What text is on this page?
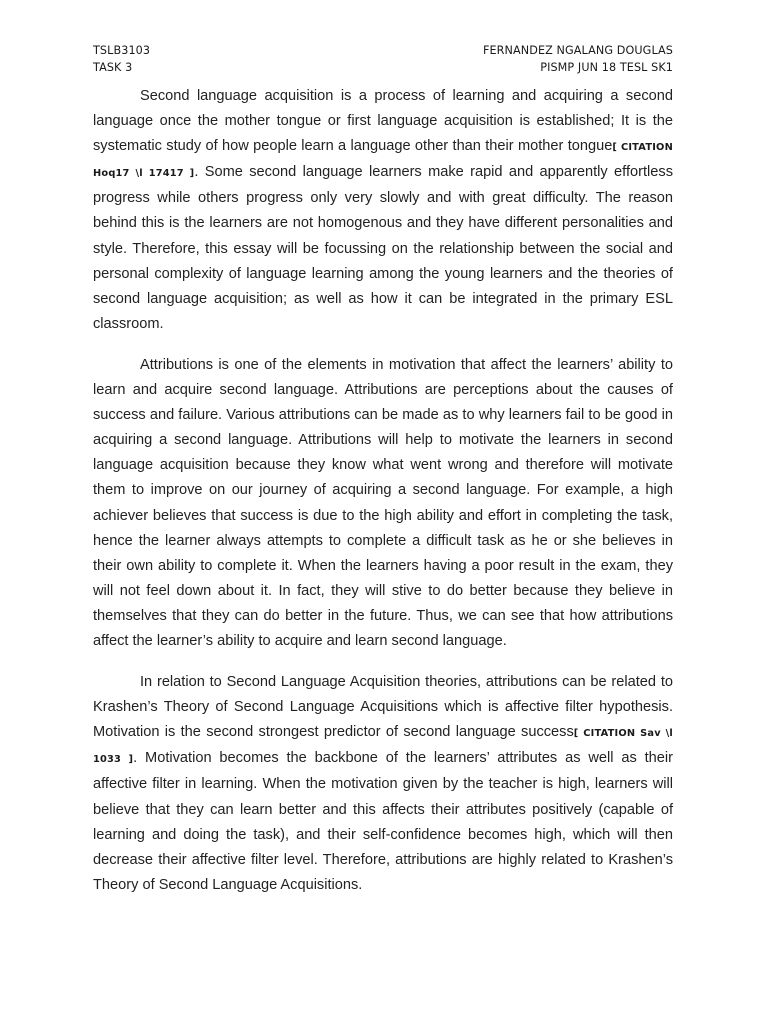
TSLB3103	FERNANDEZ NGALANG DOUGLAS
TASK 3	PISMP JUN 18 TESL SK1

Second language acquisition is a process of learning and acquiring a second language once the mother tongue or first language acquisition is established; It is the systematic study of how people learn a language other than their mother tongue[ CITATION Hoq17 \l 17417 ]. Some second language learners make rapid and apparently effortless progress while others progress only very slowly and with great difficulty. The reason behind this is the learners are not homogenous and they have different personalities and style. Therefore, this essay will be focussing on the relationship between the social and personal complexity of language learning among the young learners and the theories of second language acquisition; as well as how it can be integrated in the primary ESL classroom.

Attributions is one of the elements in motivation that affect the learners’ ability to learn and acquire second language. Attributions are perceptions about the causes of success and failure. Various attributions can be made as to why learners fail to be good in acquiring a second language. Attributions will help to motivate the learners in second language acquisition because they know what went wrong and therefore will motivate them to improve on our journey of acquiring a second language. For example, a high achiever believes that success is due to the high ability and effort in completing the task, hence the learner always attempts to complete a difficult task as he or she believes in their own ability to complete it. When the learners having a poor result in the exam, they will not feel down about it. In fact, they will stive to do better because they believe in themselves that they can do better in the future. Thus, we can see that how attributions affect the learner’s ability to acquire and learn second language.

In relation to Second Language Acquisition theories, attributions can be related to Krashen’s Theory of Second Language Acquisitions which is affective filter hypothesis. Motivation is the second strongest predictor of second language success[ CITATION Sav \l 1033 ]. Motivation becomes the backbone of the learners’ attributes as well as their affective filter in learning. When the motivation given by the teacher is high, learners will believe that they can learn better and this affects their attributes positively (capable of learning and doing the task), and their self-confidence becomes high, which will then decrease their affective filter level. Therefore, attributions are highly related to Krashen’s Theory of Second Language Acquisitions.
